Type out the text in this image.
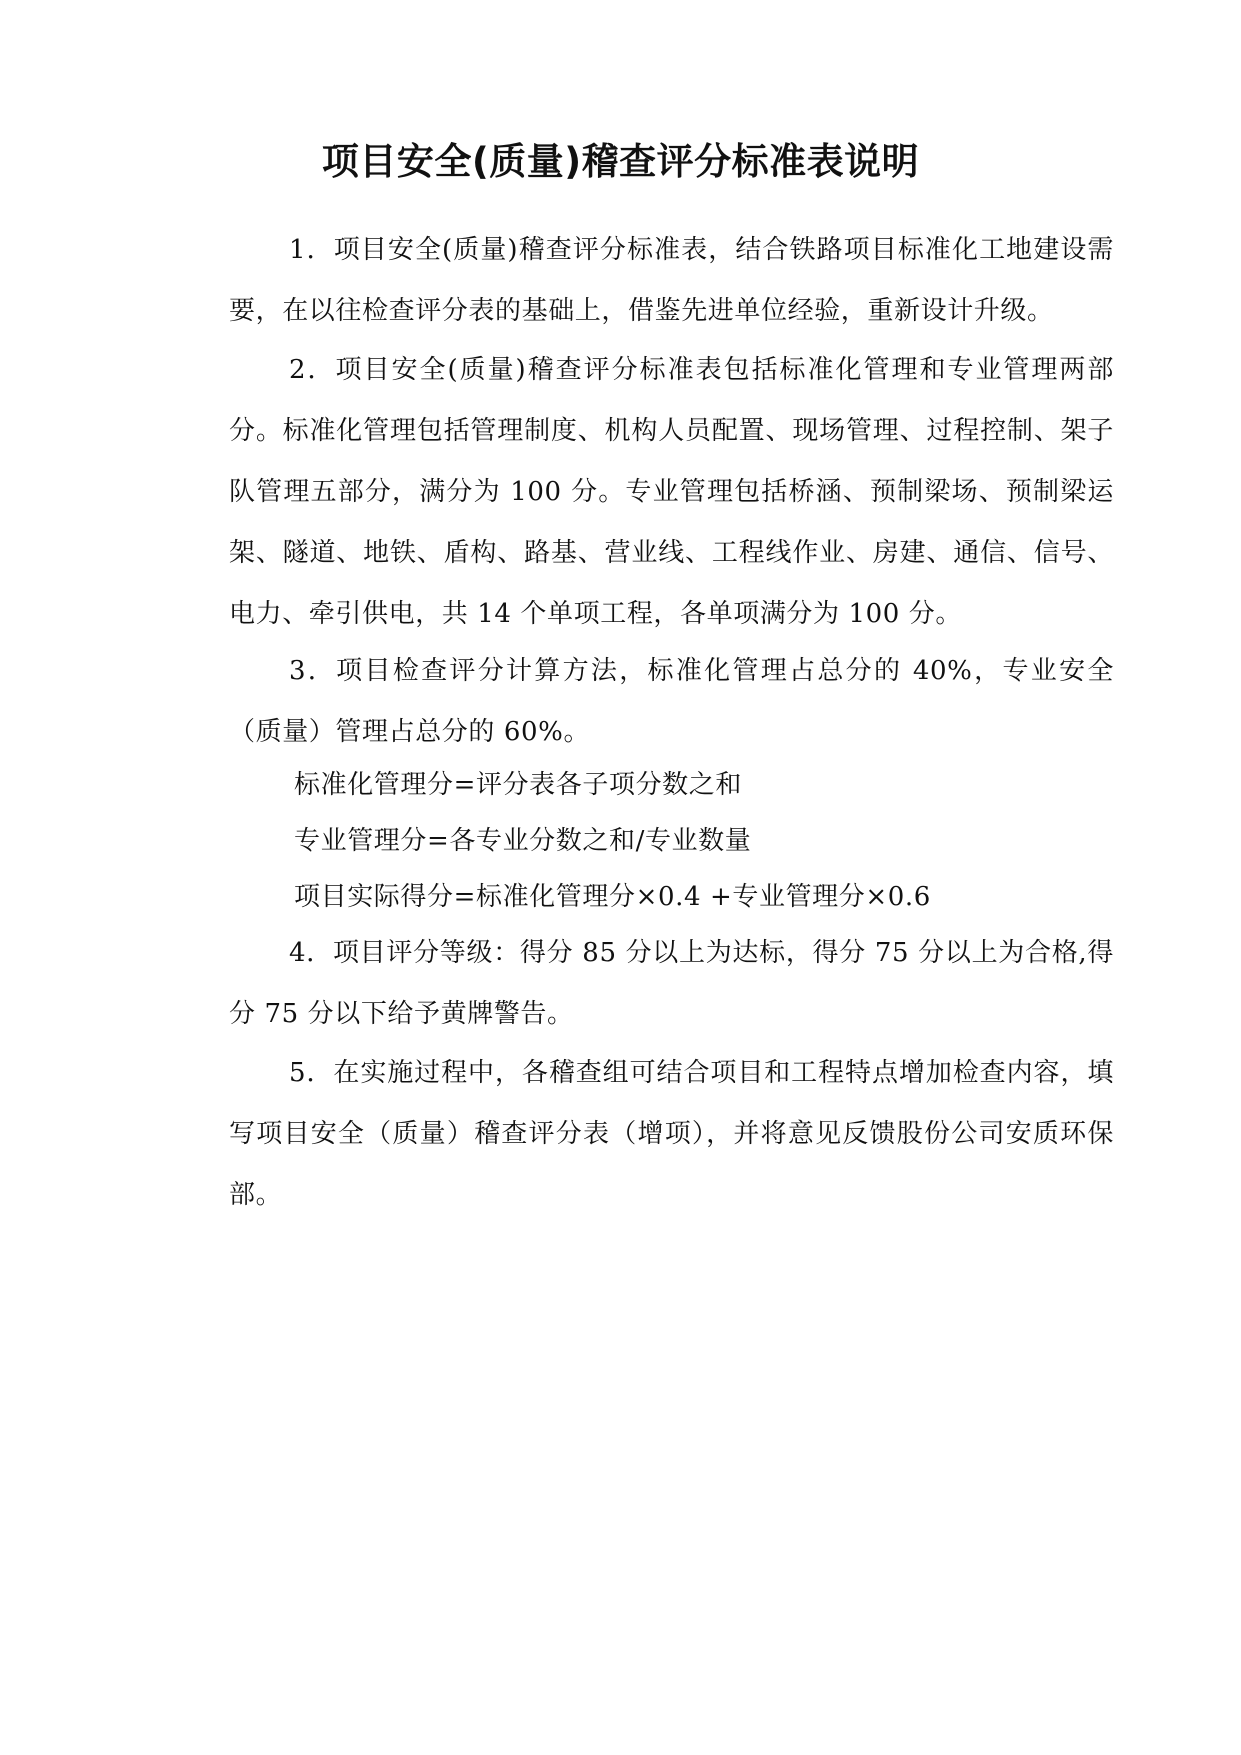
项目安全(质量)稽查评分标准表说明

1．项目安全(质量)稽查评分标准表，结合铁路项目标准化工地建设需要，在以往检查评分表的基础上，借鉴先进单位经验，重新设计升级。

2．项目安全(质量)稽查评分标准表包括标准化管理和专业管理两部分。标准化管理包括管理制度、机构人员配置、现场管理、过程控制、架子队管理五部分，满分为 100 分。专业管理包括桥涵、预制梁场、预制梁运架、隧道、地铁、盾构、路基、营业线、工程线作业、房建、通信、信号、电力、牵引供电，共 14 个单项工程，各单项满分为 100 分。

3．项目检查评分计算方法，标准化管理占总分的 40%，专业安全（质量）管理占总分的 60%。

标准化管理分=评分表各子项分数之和

专业管理分=各专业分数之和/专业数量

项目实际得分=标准化管理分×0.4 +专业管理分×0.6

4．项目评分等级：得分 85 分以上为达标，得分 75 分以上为合格,得分 75 分以下给予黄牌警告。

5．在实施过程中，各稽查组可结合项目和工程特点增加检查内容，填写项目安全（质量）稽查评分表（增项），并将意见反馈股份公司安质环保部。
